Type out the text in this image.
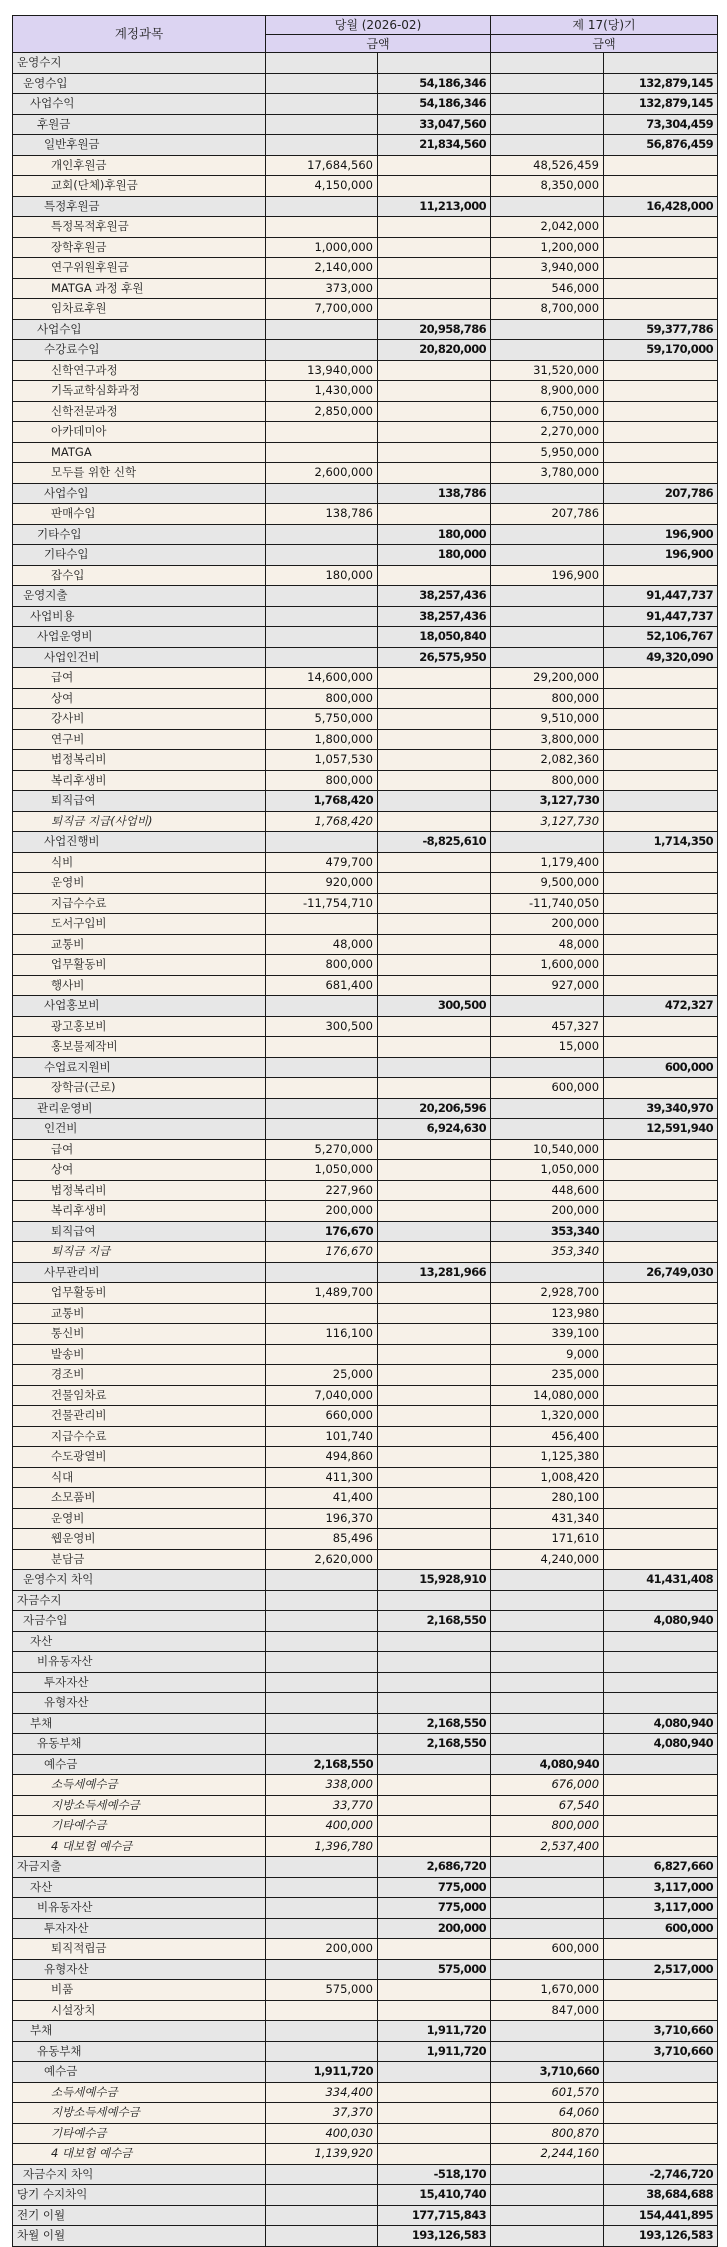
계정과목	당월 (2026-02)		제 17(당)기	
	금액		금액	
운영수지				
운영수입		54,186,346		132,879,145
사업수익		54,186,346		132,879,145
후원금		33,047,560		73,304,459
일반후원금		21,834,560		56,876,459
개인후원금	17,684,560		48,526,459	
교회(단체)후원금	4,150,000		8,350,000	
특정후원금		11,213,000		16,428,000
특정목적후원금			2,042,000	
장학후원금	1,000,000		1,200,000	
연구위원후원금	2,140,000		3,940,000	
MATGA 과정 후원	373,000		546,000	
임차료후원	7,700,000		8,700,000	
사업수입		20,958,786		59,377,786
수강료수입		20,820,000		59,170,000
신학연구과정	13,940,000		31,520,000	
기독교학심화과정	1,430,000		8,900,000	
신학전문과정	2,850,000		6,750,000	
아카데미아			2,270,000	
MATGA			5,950,000	
모두를 위한 신학	2,600,000		3,780,000	
사업수입		138,786		207,786
판매수입	138,786		207,786	
기타수입		180,000		196,900
기타수입		180,000		196,900
잡수입	180,000		196,900	
운영지출		38,257,436		91,447,737
사업비용		38,257,436		91,447,737
사업운영비		18,050,840		52,106,767
사업인건비		26,575,950		49,320,090
급여	14,600,000		29,200,000	
상여	800,000		800,000	
강사비	5,750,000		9,510,000	
연구비	1,800,000		3,800,000	
법정복리비	1,057,530		2,082,360	
복리후생비	800,000		800,000	
퇴직급여	1,768,420		3,127,730	
퇴직금 지급(사업비)	1,768,420		3,127,730	
사업진행비		-8,825,610		1,714,350
식비	479,700		1,179,400	
운영비	920,000		9,500,000	
지급수수료	-11,754,710		-11,740,050	
도서구입비			200,000	
교통비	48,000		48,000	
업무활동비	800,000		1,600,000	
행사비	681,400		927,000	
사업홍보비		300,500		472,327
광고홍보비	300,500		457,327	
홍보물제작비			15,000	
수업료지원비				600,000
장학금(근로)			600,000	
관리운영비		20,206,596		39,340,970
인건비		6,924,630		12,591,940
급여	5,270,000		10,540,000	
상여	1,050,000		1,050,000	
법정복리비	227,960		448,600	
복리후생비	200,000		200,000	
퇴직급여	176,670		353,340	
퇴직금 지급	176,670		353,340	
사무관리비		13,281,966		26,749,030
업무활동비	1,489,700		2,928,700	
교통비			123,980	
통신비	116,100		339,100	
발송비			9,000	
경조비	25,000		235,000	
건물임차료	7,040,000		14,080,000	
건물관리비	660,000		1,320,000	
지급수수료	101,740		456,400	
수도광열비	494,860		1,125,380	
식대	411,300		1,008,420	
소모품비	41,400		280,100	
운영비	196,370		431,340	
웹운영비	85,496		171,610	
분담금	2,620,000		4,240,000	
운영수지 차익		15,928,910		41,431,408
자금수지				
자금수입		2,168,550		4,080,940
자산				
비유동자산				
투자자산				
유형자산				
부채		2,168,550		4,080,940
유동부채		2,168,550		4,080,940
예수금	2,168,550		4,080,940	
소득세예수금	338,000		676,000	
지방소득세예수금	33,770		67,540	
기타예수금	400,000		800,000	
4 대보험 예수금	1,396,780		2,537,400	
자금지출		2,686,720		6,827,660
자산		775,000		3,117,000
비유동자산		775,000		3,117,000
투자자산		200,000		600,000
퇴직적립금	200,000		600,000	
유형자산		575,000		2,517,000
비품	575,000		1,670,000	
시설장치			847,000	
부채		1,911,720		3,710,660
유동부채		1,911,720		3,710,660
예수금	1,911,720		3,710,660	
소득세예수금	334,400		601,570	
지방소득세예수금	37,370		64,060	
기타예수금	400,030		800,870	
4 대보험 예수금	1,139,920		2,244,160	
자금수지 차익		-518,170		-2,746,720
당기 수지차익		15,410,740		38,684,688
전기 이월		177,715,843		154,441,895
차월 이월		193,126,583		193,126,583
